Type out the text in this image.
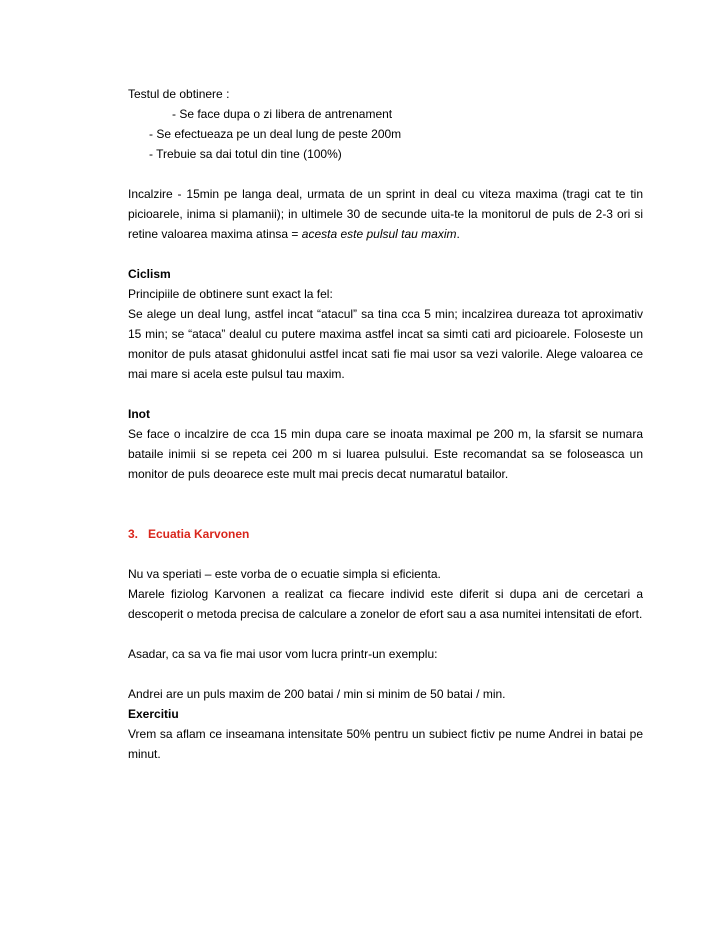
Testul de obtinere :
- Se face dupa o zi libera de antrenament
- Se efectueaza pe un deal lung de peste 200m
- Trebuie sa dai totul din tine (100%)

Incalzire - 15min pe langa deal, urmata de un sprint in deal cu viteza maxima (tragi cat te tin picioarele, inima si plamanii); in ultimele 30 de secunde uita-te la monitorul de puls de 2-3 ori si retine valoarea maxima atinsa = acesta este pulsul tau maxim.

Ciclism
Principiile de obtinere sunt exact la fel:

Se alege un deal lung, astfel incat “atacul” sa tina cca 5 min; incalzirea dureaza tot aproximativ 15 min; se “ataca” dealul cu putere maxima astfel incat sa simti cati ard picioarele. Foloseste un monitor de puls atasat ghidonului astfel incat sati fie mai usor sa vezi valorile. Alege valoarea ce mai mare si acela este pulsul tau maxim.

Inot

Se face o incalzire de cca 15 min dupa care se inoata maximal pe 200 m, la sfarsit se numara bataile inimii si se repeta cei 200 m si luarea pulsului. Este recomandat sa se foloseasca un monitor de puls deoarece este mult mai precis decat numaratul batailor.

3. Ecuatia Karvonen
Nu va speriati – este vorba de o ecuatie simpla si eficienta.

Marele fiziolog Karvonen a realizat ca fiecare individ este diferit si dupa ani de cercetari a descoperit o metoda precisa de calculare a zonelor de efort sau a asa numitei intensitati de efort.

Asadar, ca sa va fie mai usor vom lucra printr-un exemplu:
Andrei are un puls maxim de 200 batai / min si minim de 50 batai / min.
Exercitiu

Vrem sa aflam ce inseamana intensitate 50% pentru un subiect fictiv pe nume Andrei in batai pe minut.
